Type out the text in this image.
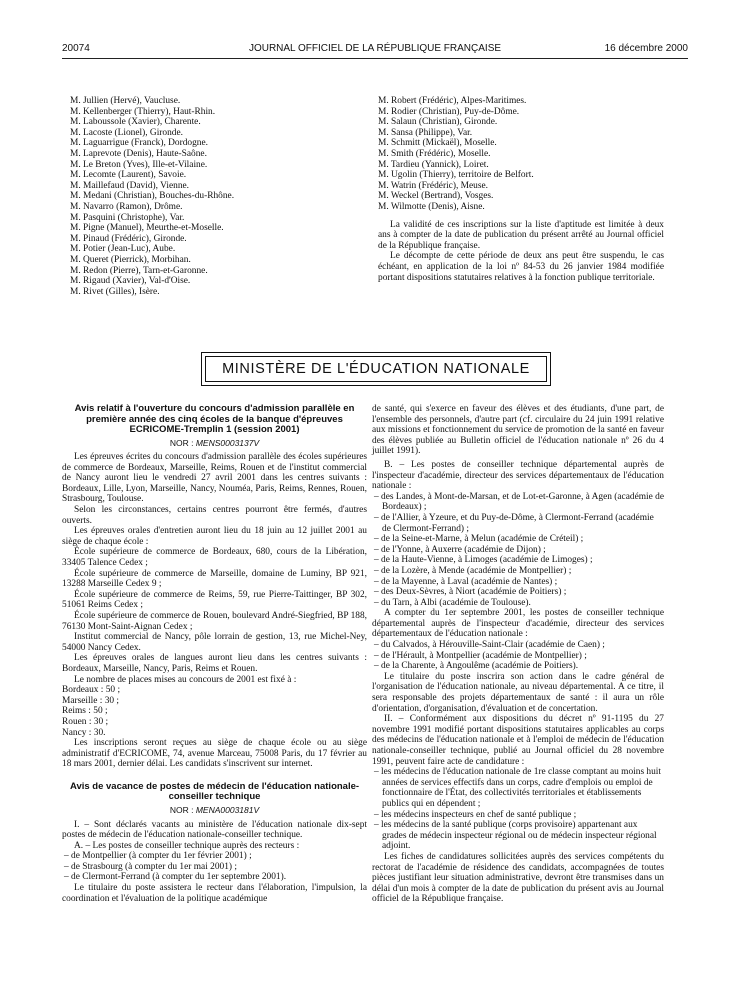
20074	JOURNAL OFFICIEL DE LA RÉPUBLIQUE FRANÇAISE	16 décembre 2000
M. Jullien (Hervé), Vaucluse.
M. Kellenberger (Thierry), Haut-Rhin.
M. Laboussole (Xavier), Charente.
M. Lacoste (Lionel), Gironde.
M. Laguarrigue (Franck), Dordogne.
M. Laprevote (Denis), Haute-Saône.
M. Le Breton (Yves), Ille-et-Vilaine.
M. Lecomte (Laurent), Savoie.
M. Maillefaud (David), Vienne.
M. Medani (Christian), Bouches-du-Rhône.
M. Navarro (Ramon), Drôme.
M. Pasquini (Christophe), Var.
M. Pigne (Manuel), Meurthe-et-Moselle.
M. Pinaud (Frédéric), Gironde.
M. Potier (Jean-Luc), Aube.
M. Queret (Pierrick), Morbihan.
M. Redon (Pierre), Tarn-et-Garonne.
M. Rigaud (Xavier), Val-d'Oise.
M. Rivet (Gilles), Isère.
M. Robert (Frédéric), Alpes-Maritimes.
M. Rodier (Christian), Puy-de-Dôme.
M. Salaun (Christian), Gironde.
M. Sansa (Philippe), Var.
M. Schmitt (Mickaël), Moselle.
M. Smith (Frédéric), Moselle.
M. Tardieu (Yannick), Loiret.
M. Ugolin (Thierry), territoire de Belfort.
M. Watrin (Frédéric), Meuse.
M. Weckel (Bertrand), Vosges.
M. Wilmotte (Denis), Aisne.

La validité de ces inscriptions sur la liste d'aptitude est limitée à deux ans à compter de la date de publication du présent arrêté au Journal officiel de la République française.

Le décompte de cette période de deux ans peut être suspendu, le cas échéant, en application de la loi nº 84-53 du 26 janvier 1984 modifiée portant dispositions statutaires relatives à la fonction publique territoriale.

MINISTÈRE DE L'ÉDUCATION NATIONALE
Avis relatif à l'ouverture du concours d'admission parallèle en première année des cinq écoles de la banque d'épreuves ECRICOME-Tremplin 1 (session 2001)
NOR : MENS0003137V

Les épreuves écrites du concours d'admission parallèle des écoles supérieures de commerce de Bordeaux, Marseille, Reims, Rouen et de l'institut commercial de Nancy auront lieu le vendredi 27 avril 2001 dans les centres suivants : Bordeaux, Lille, Lyon, Marseille, Nancy, Nouméa, Paris, Reims, Rennes, Rouen, Strasbourg, Toulouse.

Selon les circonstances, certains centres pourront être fermés, d'autres ouverts.

Les épreuves orales d'entretien auront lieu du 18 juin au 12 juillet 2001 au siège de chaque école :

École supérieure de commerce de Bordeaux, 680, cours de la Libération, 33405 Talence Cedex ;

École supérieure de commerce de Marseille, domaine de Luminy, BP 921, 13288 Marseille Cedex 9 ;

École supérieure de commerce de Reims, 59, rue Pierre-Taittinger, BP 302, 51061 Reims Cedex ;

École supérieure de commerce de Rouen, boulevard André-Siegfried, BP 188, 76130 Mont-Saint-Aignan Cedex ;

Institut commercial de Nancy, pôle lorrain de gestion, 13, rue Michel-Ney, 54000 Nancy Cedex.

Les épreuves orales de langues auront lieu dans les centres suivants : Bordeaux, Marseille, Nancy, Paris, Reims et Rouen.

Le nombre de places mises au concours de 2001 est fixé à :

Bordeaux : 50 ;
Marseille : 30 ;
Reims : 50 ;
Rouen : 30 ;
Nancy : 30.

Les inscriptions seront reçues au siège de chaque école ou au siège administratif d'ECRICOME, 74, avenue Marceau, 75008 Paris, du 17 février au 18 mars 2001, dernier délai. Les candidats s'inscrivent sur internet.

Avis de vacance de postes de médecin de l'éducation nationale-conseiller technique
NOR : MENA0003181V

I. – Sont déclarés vacants au ministère de l'éducation nationale dix-sept postes de médecin de l'éducation nationale-conseiller technique.

A. – Les postes de conseiller technique auprès des recteurs :

– de Montpellier (à compter du 1er février 2001) ;
– de Strasbourg (à compter du 1er mai 2001) ;
– de Clermont-Ferrand (à compter du 1er septembre 2001).

Le titulaire du poste assistera le recteur dans l'élaboration, l'impulsion, la coordination et l'évaluation de la politique académique

de santé, qui s'exerce en faveur des élèves et des étudiants, d'une part, de l'ensemble des personnels, d'autre part (cf. circulaire du 24 juin 1991 relative aux missions et fonctionnement du service de promotion de la santé en faveur des élèves publiée au Bulletin officiel de l'éducation nationale nº 26 du 4 juillet 1991).

B. – Les postes de conseiller technique départemental auprès de l'inspecteur d'académie, directeur des services départementaux de l'éducation nationale :

– des Landes, à Mont-de-Marsan, et de Lot-et-Garonne, à Agen (académie de Bordeaux) ;
– de l'Allier, à Yzeure, et du Puy-de-Dôme, à Clermont-Ferrand (académie de Clermont-Ferrand) ;
– de la Seine-et-Marne, à Melun (académie de Créteil) ;
– de l'Yonne, à Auxerre (académie de Dijon) ;
– de la Haute-Vienne, à Limoges (académie de Limoges) ;
– de la Lozère, à Mende (académie de Montpellier) ;
– de la Mayenne, à Laval (académie de Nantes) ;
– des Deux-Sèvres, à Niort (académie de Poitiers) ;
– du Tarn, à Albi (académie de Toulouse).

A compter du 1er septembre 2001, les postes de conseiller technique départemental auprès de l'inspecteur d'académie, directeur des services départementaux de l'éducation nationale :

– du Calvados, à Hérouville-Saint-Clair (académie de Caen) ;
– de l'Hérault, à Montpellier (académie de Montpellier) ;
– de la Charente, à Angoulême (académie de Poitiers).

Le titulaire du poste inscrira son action dans le cadre général de l'organisation de l'éducation nationale, au niveau départemental. A ce titre, il sera responsable des projets départementaux de santé : il aura un rôle d'orientation, d'organisation, d'évaluation et de concertation.

II. – Conformément aux dispositions du décret nº 91-1195 du 27 novembre 1991 modifié portant dispositions statutaires applicables au corps des médecins de l'éducation nationale et à l'emploi de médecin de l'éducation nationale-conseiller technique, publié au Journal officiel du 28 novembre 1991, peuvent faire acte de candidature :

– les médecins de l'éducation nationale de 1re classe comptant au moins huit années de services effectifs dans un corps, cadre d'emplois ou emploi de fonctionnaire de l'État, des collectivités territoriales et établissements publics qui en dépendent ;
– les médecins inspecteurs en chef de santé publique ;
– les médecins de la santé publique (corps provisoire) appartenant aux grades de médecin inspecteur régional ou de médecin inspecteur régional adjoint.

Les fiches de candidatures sollicitées auprès des services compétents du rectorat de l'académie de résidence des candidats, accompagnées de toutes pièces justifiant leur situation administrative, devront être transmises dans un délai d'un mois à compter de la date de publication du présent avis au Journal officiel de la République française.
